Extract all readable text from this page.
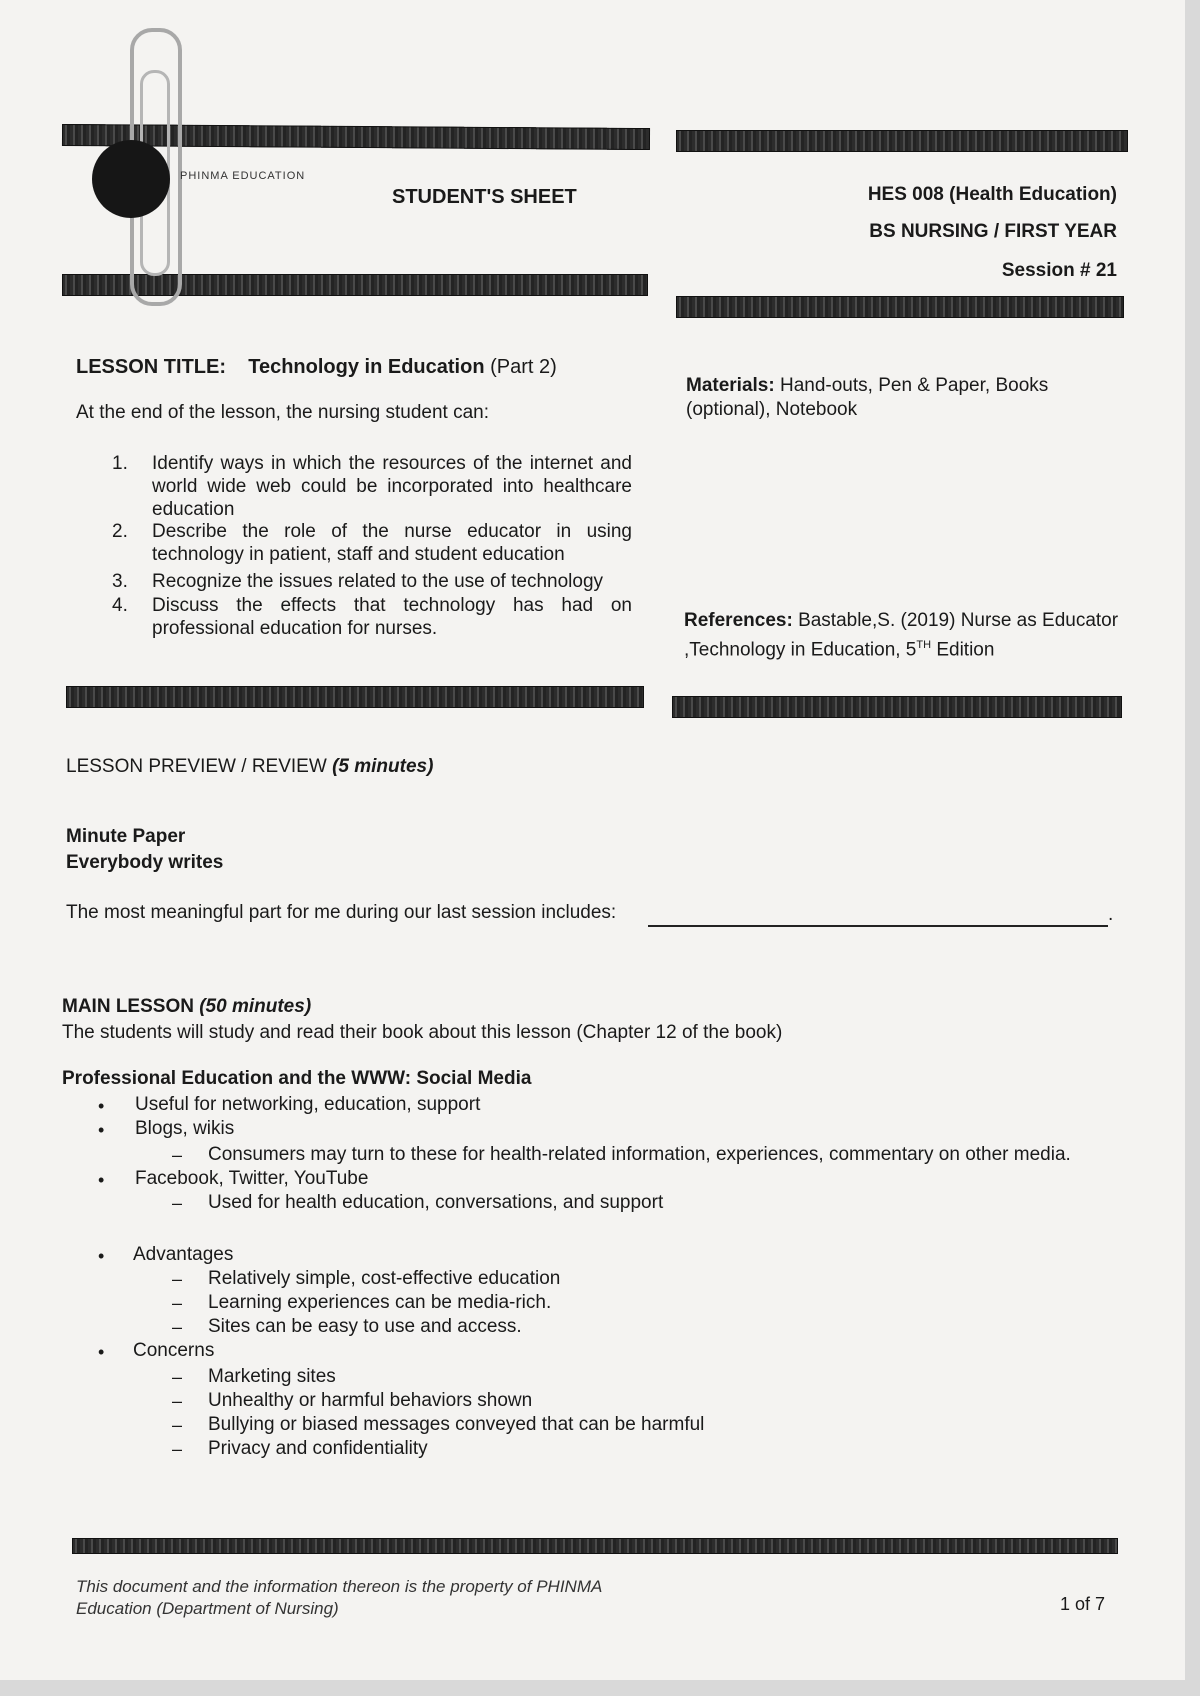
PHINMA EDUCATION
STUDENT'S SHEET	HES 008 (Health Education)
BS NURSING / FIRST YEAR
Session # 21
LESSON TITLE: Technology in Education (Part 2)
At the end of the lesson, the nursing student can:
1. Identify ways in which the resources of the internet and world wide web could be incorporated into healthcare education
2. Describe the role of the nurse educator in using technology in patient, staff and student education
3. Recognize the issues related to the use of technology
4. Discuss the effects that technology has had on professional education for nurses.
Materials: Hand-outs, Pen & Paper, Books (optional), Notebook
References: Bastable,S. (2019) Nurse as Educator ,Technology in Education, 5TH Edition
LESSON PREVIEW / REVIEW (5 minutes)
Minute Paper
Everybody writes
The most meaningful part for me during our last session includes:	.
MAIN LESSON (50 minutes)
The students will study and read their book about this lesson (Chapter 12 of the book)
Professional Education and the WWW: Social Media
• Useful for networking, education, support
• Blogs, wikis
– Consumers may turn to these for health-related information, experiences, commentary on other media.
• Facebook, Twitter, YouTube
– Used for health education, conversations, and support
• Advantages
– Relatively simple, cost-effective education
– Learning experiences can be media-rich.
– Sites can be easy to use and access.
• Concerns
– Marketing sites
– Unhealthy or harmful behaviors shown
– Bullying or biased messages conveyed that can be harmful
– Privacy and confidentiality
This document and the information thereon is the property of PHINMA
Education (Department of Nursing)	1 of 7
